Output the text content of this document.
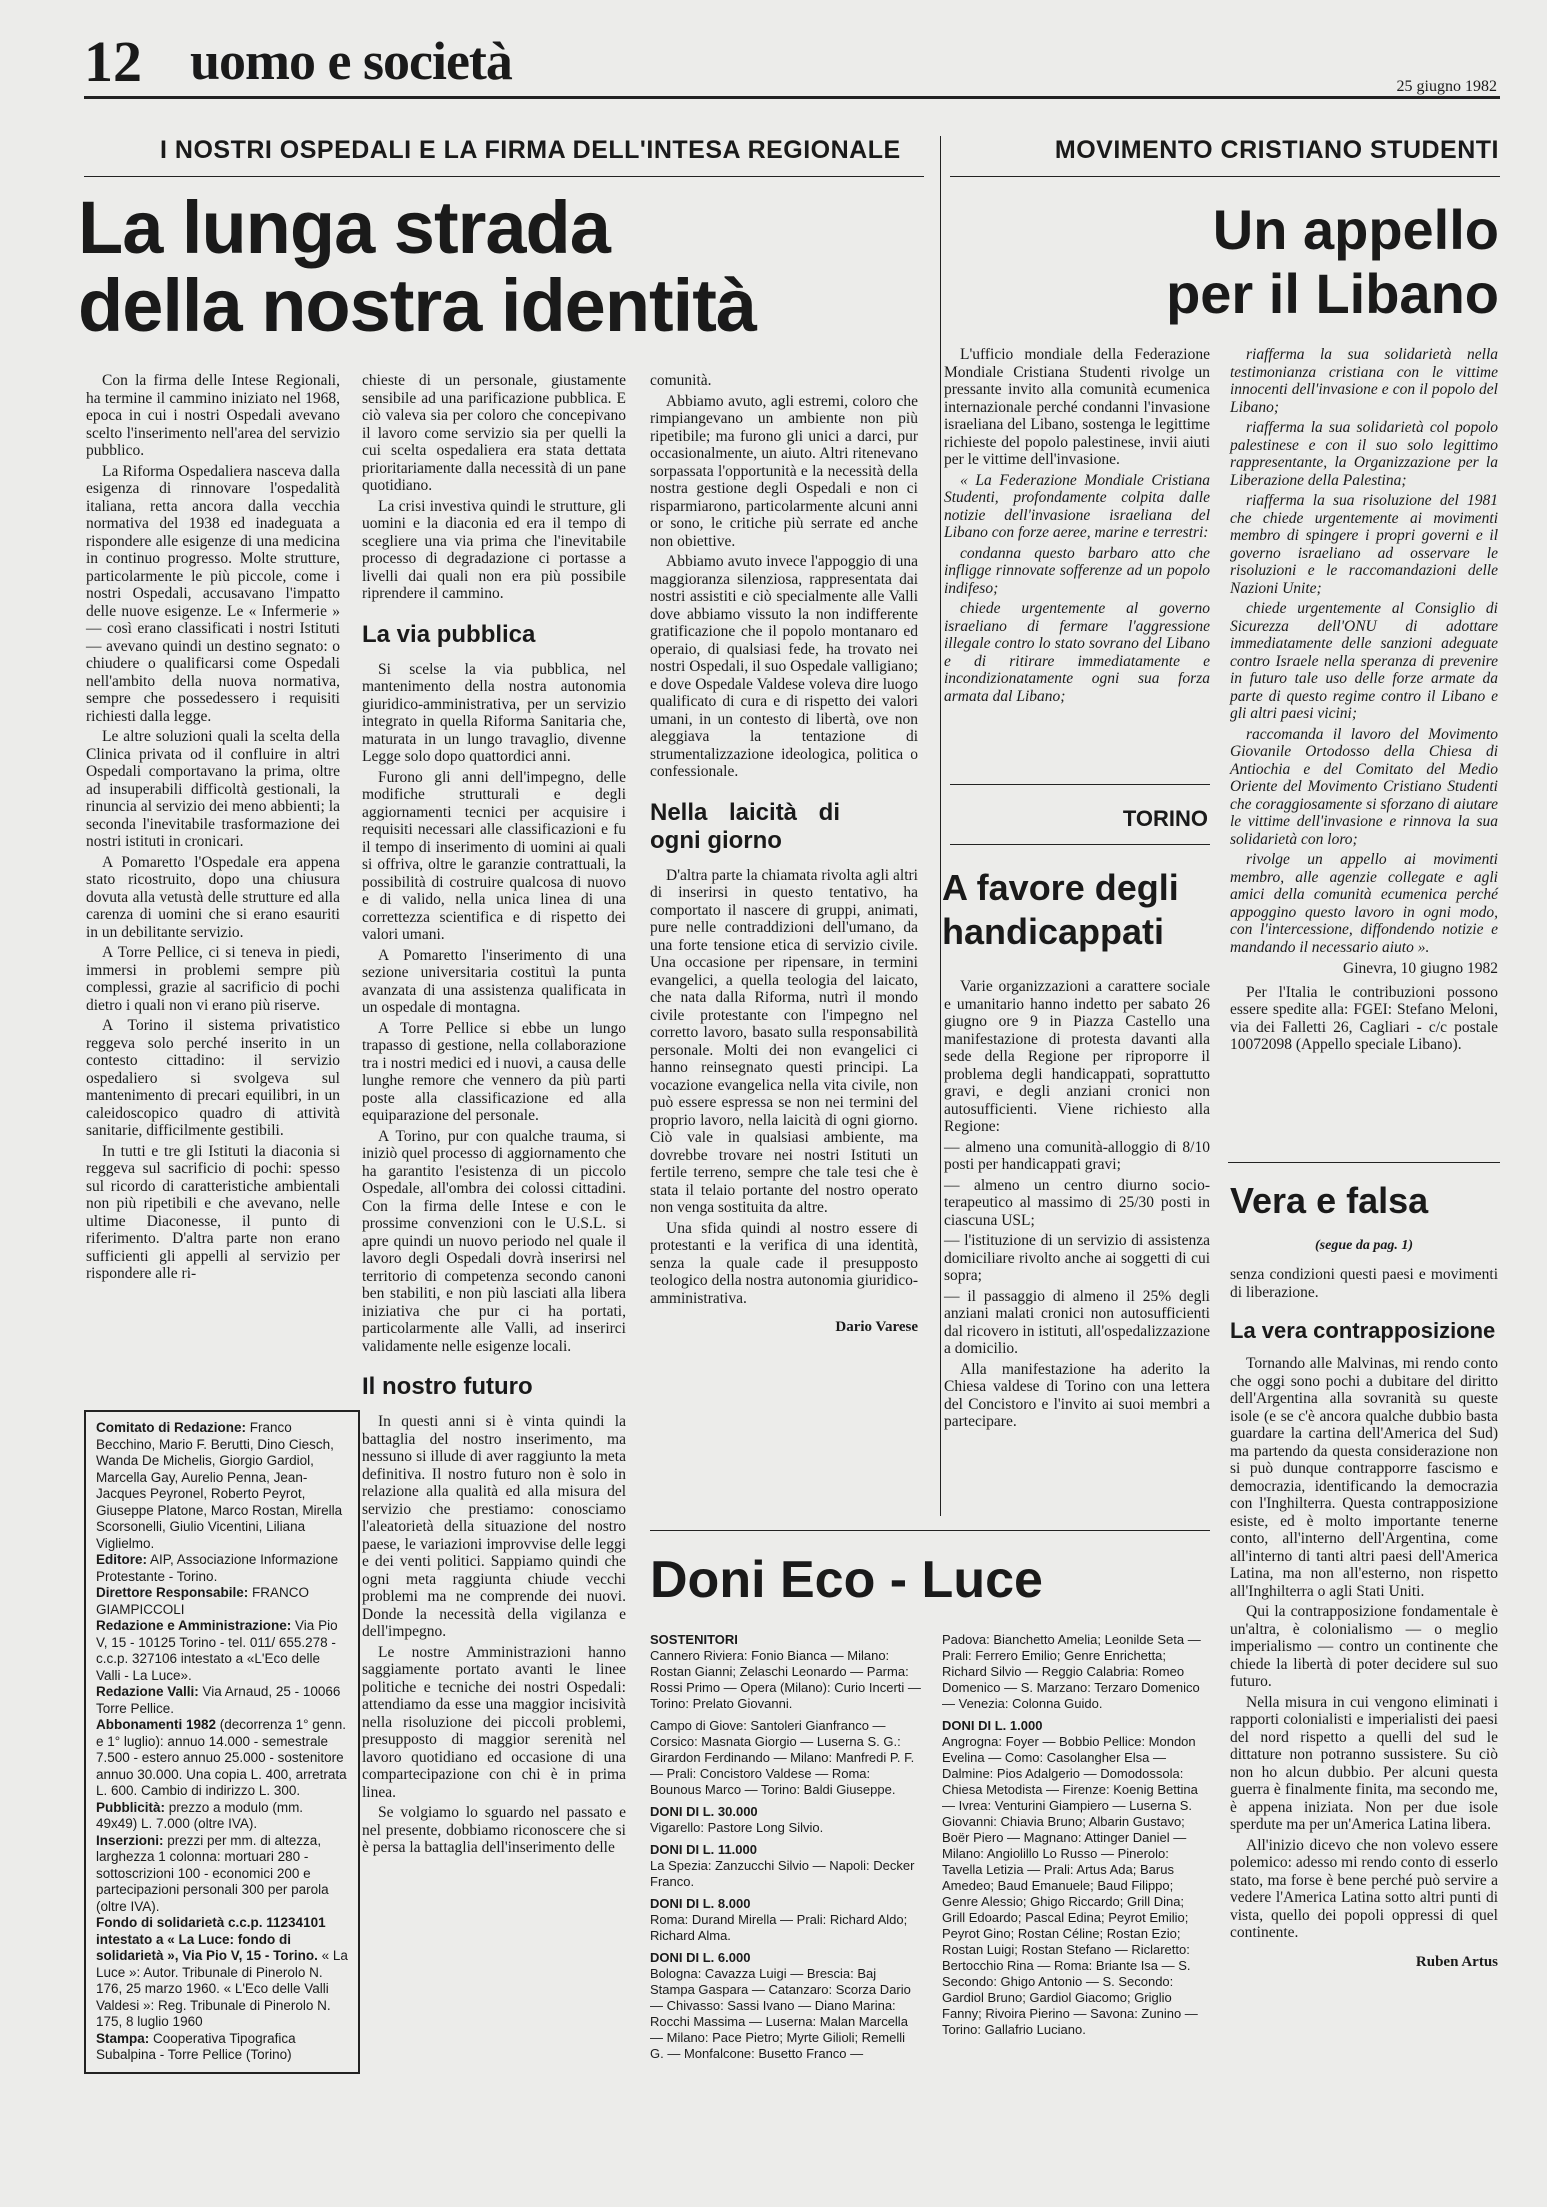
12 uomo e società	25 giugno 1982
I NOSTRI OSPEDALI E LA FIRMA DELL'INTESA REGIONALE
La lunga strada
della nostra identità

Con la firma delle Intese Regionali, ha termine il cammino iniziato nel 1968, epoca in cui i nostri Ospedali avevano scelto l'inserimento nell'area del servizio pubblico.

La Riforma Ospedaliera nasceva dalla esigenza di rinnovare l'ospedalità italiana, retta ancora dalla vecchia normativa del 1938 ed inadeguata a rispondere alle esigenze di una medicina in continuo progresso. Molte strutture, particolarmente le più piccole, come i nostri Ospedali, accusavano l'impatto delle nuove esigenze. Le « Infermerie » — così erano classificati i nostri Istituti — avevano quindi un destino segnato: o chiudere o qualificarsi come Ospedali nell'ambito della nuova normativa, sempre che possedessero i requisiti richiesti dalla legge.

Le altre soluzioni quali la scelta della Clinica privata od il confluire in altri Ospedali comportavano la prima, oltre ad insuperabili difficoltà gestionali, la rinuncia al servizio dei meno abbienti; la seconda l'inevitabile trasformazione dei nostri istituti in cronicari.

A Pomaretto l'Ospedale era appena stato ricostruito, dopo una chiusura dovuta alla vetustà delle strutture ed alla carenza di uomini che si erano esauriti in un debilitante servizio.

A Torre Pellice, ci si teneva in piedi, immersi in problemi sempre più complessi, grazie al sacrificio di pochi dietro i quali non vi erano più riserve.

A Torino il sistema privatistico reggeva solo perché inserito in un contesto cittadino: il servizio ospedaliero si svolgeva sul mantenimento di precari equilibri, in un caleidoscopico quadro di attività sanitarie, difficilmente gestibili.

In tutti e tre gli Istituti la diaconia si reggeva sul sacrificio di pochi: spesso sul ricordo di caratteristiche ambientali non più ripetibili e che avevano, nelle ultime Diaconesse, il punto di riferimento. D'altra parte non erano sufficienti gli appelli al servizio per rispondere alle ri-

Comitato di Redazione: Franco Becchino, Mario F. Berutti, Dino Ciesch, Wanda De Michelis, Giorgio Gardiol, Marcella Gay, Aurelio Penna, Jean-Jacques Peyronel, Roberto Peyrot, Giuseppe Platone, Marco Rostan, Mirella Scorsonelli, Giulio Vicentini, Liliana Viglielmo.

Editore: AIP, Associazione Informazione Protestante - Torino.

Direttore Responsabile: FRANCO GIAMPICCOLI

Redazione e Amministrazione: Via Pio V, 15 - 10125 Torino - tel. 011/ 655.278 - c.c.p. 327106 intestato a «L'Eco delle Valli - La Luce».

Redazione Valli: Via Arnaud, 25 - 10066 Torre Pellice.

Abbonamenti 1982 (decorrenza 1° genn. e 1° luglio): annuo 14.000 - semestrale 7.500 - estero annuo 25.000 - sostenitore annuo 30.000. Una copia L. 400, arretrata L. 600. Cambio di indirizzo L. 300.

Pubblicità: prezzo a modulo (mm. 49x49) L. 7.000 (oltre IVA).

Inserzioni: prezzi per mm. di altezza, larghezza 1 colonna: mortuari 280 - sottoscrizioni 100 - economici 200 e partecipazioni personali 300 per parola (oltre IVA).

Fondo di solidarietà c.c.p. 11234101 intestato a « La Luce: fondo di solidarietà », Via Pio V, 15 - Torino. « La Luce »: Autor. Tribunale di Pinerolo N. 176, 25 marzo 1960. « L'Eco delle Valli Valdesi »: Reg. Tribunale di Pinerolo N. 175, 8 luglio 1960

Stampa: Cooperativa Tipografica Subalpina - Torre Pellice (Torino)

chieste di un personale, giustamente sensibile ad una parificazione pubblica. E ciò valeva sia per coloro che concepivano il lavoro come servizio sia per quelli la cui scelta ospedaliera era stata dettata prioritariamente dalla necessità di un pane quotidiano.

La crisi investiva quindi le strutture, gli uomini e la diaconia ed era il tempo di scegliere una via prima che l'inevitabile processo di degradazione ci portasse a livelli dai quali non era più possibile riprendere il cammino.

La via pubblica

Si scelse la via pubblica, nel mantenimento della nostra autonomia giuridico-amministrativa, per un servizio integrato in quella Riforma Sanitaria che, maturata in un lungo travaglio, divenne Legge solo dopo quattordici anni.

Furono gli anni dell'impegno, delle modifiche strutturali e degli aggiornamenti tecnici per acquisire i requisiti necessari alle classificazioni e fu il tempo di inserimento di uomini ai quali si offriva, oltre le garanzie contrattuali, la possibilità di costruire qualcosa di nuovo e di valido, nella unica linea di una correttezza scientifica e di rispetto dei valori umani.

A Pomaretto l'inserimento di una sezione universitaria costituì la punta avanzata di una assistenza qualificata in un ospedale di montagna.

A Torre Pellice si ebbe un lungo trapasso di gestione, nella collaborazione tra i nostri medici ed i nuovi, a causa delle lunghe remore che vennero da più parti poste alla classificazione ed alla equiparazione del personale.

A Torino, pur con qualche trauma, si iniziò quel processo di aggiornamento che ha garantito l'esistenza di un piccolo Ospedale, all'ombra dei colossi cittadini. Con la firma delle Intese e con le prossime convenzioni con le U.S.L. si apre quindi un nuovo periodo nel quale il lavoro degli Ospedali dovrà inserirsi nel territorio di competenza secondo canoni ben stabiliti, e non più lasciati alla libera iniziativa che pur ci ha portati, particolarmente alle Valli, ad inserirci validamente nelle esigenze locali.

Il nostro futuro

In questi anni si è vinta quindi la battaglia del nostro inserimento, ma nessuno si illude di aver raggiunto la meta definitiva. Il nostro futuro non è solo in relazione alla qualità ed alla misura del servizio che prestiamo: conosciamo l'aleatorietà della situazione del nostro paese, le variazioni improvvise delle leggi e dei venti politici. Sappiamo quindi che ogni meta raggiunta chiude vecchi problemi ma ne comprende dei nuovi. Donde la necessità della vigilanza e dell'impegno.

Le nostre Amministrazioni hanno saggiamente portato avanti le linee politiche e tecniche dei nostri Ospedali: attendiamo da esse una maggior incisività nella risoluzione dei piccoli problemi, presupposto di maggior serenità nel lavoro quotidiano ed occasione di una compartecipazione con chi è in prima linea.

Se volgiamo lo sguardo nel passato e nel presente, dobbiamo riconoscere che si è persa la battaglia dell'inserimento delle

comunità.

Abbiamo avuto, agli estremi, coloro che rimpiangevano un ambiente non più ripetibile; ma furono gli unici a darci, pur occasionalmente, un aiuto. Altri ritenevano sorpassata l'opportunità e la necessità della nostra gestione degli Ospedali e non ci risparmiarono, particolarmente alcuni anni or sono, le critiche più serrate ed anche non obiettive.

Abbiamo avuto invece l'appoggio di una maggioranza silenziosa, rappresentata dai nostri assistiti e ciò specialmente alle Valli dove abbiamo vissuto la non indifferente gratificazione che il popolo montanaro ed operaio, di qualsiasi fede, ha trovato nei nostri Ospedali, il suo Ospedale valligiano; e dove Ospedale Valdese voleva dire luogo qualificato di cura e di rispetto dei valori umani, in un contesto di libertà, ove non aleggiava la tentazione di strumentalizzazione ideologica, politica o confessionale.

Nella laicità di ogni giorno

D'altra parte la chiamata rivolta agli altri di inserirsi in questo tentativo, ha comportato il nascere di gruppi, animati, pure nelle contraddizioni dell'umano, da una forte tensione etica di servizio civile. Una occasione per ripensare, in termini evangelici, a quella teologia del laicato, che nata dalla Riforma, nutrì il mondo civile protestante con l'impegno nel corretto lavoro, basato sulla responsabilità personale. Molti dei non evangelici ci hanno reinsegnato questi principi. La vocazione evangelica nella vita civile, non può essere espressa se non nei termini del proprio lavoro, nella laicità di ogni giorno. Ciò vale in qualsiasi ambiente, ma dovrebbe trovare nei nostri Istituti un fertile terreno, sempre che tale tesi che è stata il telaio portante del nostro operato non venga sostituita da altre.

Una sfida quindi al nostro essere di protestanti e la verifica di una identità, senza la quale cade il presupposto teologico della nostra autonomia giuridico-amministrativa.

Dario Varese
MOVIMENTO CRISTIANO STUDENTI
Un appello
per il Libano

L'ufficio mondiale della Federazione Mondiale Cristiana Studenti rivolge un pressante invito alla comunità ecumenica internazionale perché condanni l'invasione israeliana del Libano, sostenga le legittime richieste del popolo palestinese, invii aiuti per le vittime dell'invasione.

« La Federazione Mondiale Cristiana Studenti, profondamente colpita dalle notizie dell'invasione israeliana del Libano con forze aeree, marine e terrestri:

condanna questo barbaro atto che infligge rinnovate sofferenze ad un popolo indifeso;

chiede urgentemente al governo israeliano di fermare l'aggressione illegale contro lo stato sovrano del Libano e di ritirare immediatamente e incondizionatamente ogni sua forza armata dal Libano;

riafferma la sua solidarietà nella testimonianza cristiana con le vittime innocenti dell'invasione e con il popolo del Libano;

riafferma la sua solidarietà col popolo palestinese e con il suo solo legittimo rappresentante, la Organizzazione per la Liberazione della Palestina;

riafferma la sua risoluzione del 1981 che chiede urgentemente ai movimenti membro di spingere i propri governi e il governo israeliano ad osservare le risoluzioni e le raccomandazioni delle Nazioni Unite;

chiede urgentemente al Consiglio di Sicurezza dell'ONU di adottare immediatamente delle sanzioni adeguate contro Israele nella speranza di prevenire in futuro tale uso delle forze armate da parte di questo regime contro il Libano e gli altri paesi vicini;

raccomanda il lavoro del Movimento Giovanile Ortodosso della Chiesa di Antiochia e del Comitato del Medio Oriente del Movimento Cristiano Studenti che coraggiosamente si sforzano di aiutare le vittime dell'invasione e rinnova la sua solidarietà con loro;

rivolge un appello ai movimenti membro, alle agenzie collegate e agli amici della comunità ecumenica perché appoggino questo lavoro in ogni modo, con l'intercessione, diffondendo notizie e mandando il necessario aiuto ».

Ginevra, 10 giugno 1982

Per l'Italia le contribuzioni possono essere spedite alla: FGEI: Stefano Meloni, via dei Falletti 26, Cagliari - c/c postale 10072098 (Appello speciale Libano).

TORINO
A favore degli
handicappati

Varie organizzazioni a carattere sociale e umanitario hanno indetto per sabato 26 giugno ore 9 in Piazza Castello una manifestazione di protesta davanti alla sede della Regione per riproporre il problema degli handicappati, soprattutto gravi, e degli anziani cronici non autosufficienti. Viene richiesto alla Regione:

— almeno una comunità-alloggio di 8/10 posti per handicappati gravi;

— almeno un centro diurno socio-terapeutico al massimo di 25/30 posti in ciascuna USL;

— l'istituzione di un servizio di assistenza domiciliare rivolto anche ai soggetti di cui sopra;

— il passaggio di almeno il 25% degli anziani malati cronici non autosufficienti dal ricovero in istituti, all'ospedalizzazione a domicilio.

Alla manifestazione ha aderito la Chiesa valdese di Torino con una lettera del Concistoro e l'invito ai suoi membri a partecipare.

Vera e falsa
(segue da pag. 1)

senza condizioni questi paesi e movimenti di liberazione.

La vera contrapposizione

Tornando alle Malvinas, mi rendo conto che oggi sono pochi a dubitare del diritto dell'Argentina alla sovranità su queste isole (e se c'è ancora qualche dubbio basta guardare la cartina dell'America del Sud) ma partendo da questa considerazione non si può dunque contrapporre fascismo e democrazia, identificando la democrazia con l'Inghilterra. Questa contrapposizione esiste, ed è molto importante tenerne conto, all'interno dell'Argentina, come all'interno di tanti altri paesi dell'America Latina, ma non all'esterno, non rispetto all'Inghilterra o agli Stati Uniti.

Qui la contrapposizione fondamentale è un'altra, è colonialismo — o meglio imperialismo — contro un continente che chiede la libertà di poter decidere sul suo futuro.

Nella misura in cui vengono eliminati i rapporti colonialisti e imperialisti dei paesi del nord rispetto a quelli del sud le dittature non potranno sussistere. Su ciò non ho alcun dubbio. Per alcuni questa guerra è finalmente finita, ma secondo me, è appena iniziata. Non per due isole sperdute ma per un'America Latina libera.

All'inizio dicevo che non volevo essere polemico: adesso mi rendo conto di esserlo stato, ma forse è bene perché può servire a vedere l'America Latina sotto altri punti di vista, quello dei popoli oppressi di quel continente.

Ruben Artus
Doni Eco - Luce

SOSTENITORI
Cannero Riviera: Fonio Bianca — Milano: Rostan Gianni; Zelaschi Leonardo — Parma: Rossi Primo — Opera (Milano): Curio Incerti — Torino: Prelato Giovanni.

Campo di Giove: Santoleri Gianfranco — Corsico: Masnata Giorgio — Luserna S. G.: Girardon Ferdinando — Milano: Manfredi P. F. — Prali: Concistoro Valdese — Roma: Bounous Marco — Torino: Baldi Giuseppe.

DONI DI L. 30.000
Vigarello: Pastore Long Silvio.

DONI DI L. 11.000
La Spezia: Zanzucchi Silvio — Napoli: Decker Franco.

DONI DI L. 8.000
Roma: Durand Mirella — Prali: Richard Aldo; Richard Alma.

DONI DI L. 6.000
Bologna: Cavazza Luigi — Brescia: Baj Stampa Gaspara — Catanzaro: Scorza Dario — Chivasso: Sassi Ivano — Diano Marina: Rocchi Massima — Luserna: Malan Marcella — Milano: Pace Pietro; Myrte Gilioli; Remelli G. — Monfalcone: Busetto Franco —

Padova: Bianchetto Amelia; Leonilde Seta — Prali: Ferrero Emilio; Genre Enrichetta; Richard Silvio — Reggio Calabria: Romeo Domenico — S. Marzano: Terzaro Domenico — Venezia: Colonna Guido.

DONI DI L. 1.000
Angrogna: Foyer — Bobbio Pellice: Mondon Evelina — Como: Casolangher Elsa — Dalmine: Pios Adalgerio — Domodossola: Chiesa Metodista — Firenze: Koenig Bettina — Ivrea: Venturini Giampiero — Luserna S. Giovanni: Chiavia Bruno; Albarin Gustavo; Boër Piero — Magnano: Attinger Daniel — Milano: Angiolillo Lo Russo — Pinerolo: Tavella Letizia — Prali: Artus Ada; Barus Amedeo; Baud Emanuele; Baud Filippo; Genre Alessio; Ghigo Riccardo; Grill Dina; Grill Edoardo; Pascal Edina; Peyrot Emilio; Peyrot Gino; Rostan Céline; Rostan Ezio; Rostan Luigi; Rostan Stefano — Riclaretto: Bertocchio Rina — Roma: Briante Isa — S. Secondo: Ghigo Antonio — S. Secondo: Gardiol Bruno; Gardiol Giacomo; Griglio Fanny; Rivoira Pierino — Savona: Zunino — Torino: Gallafrio Luciano.
